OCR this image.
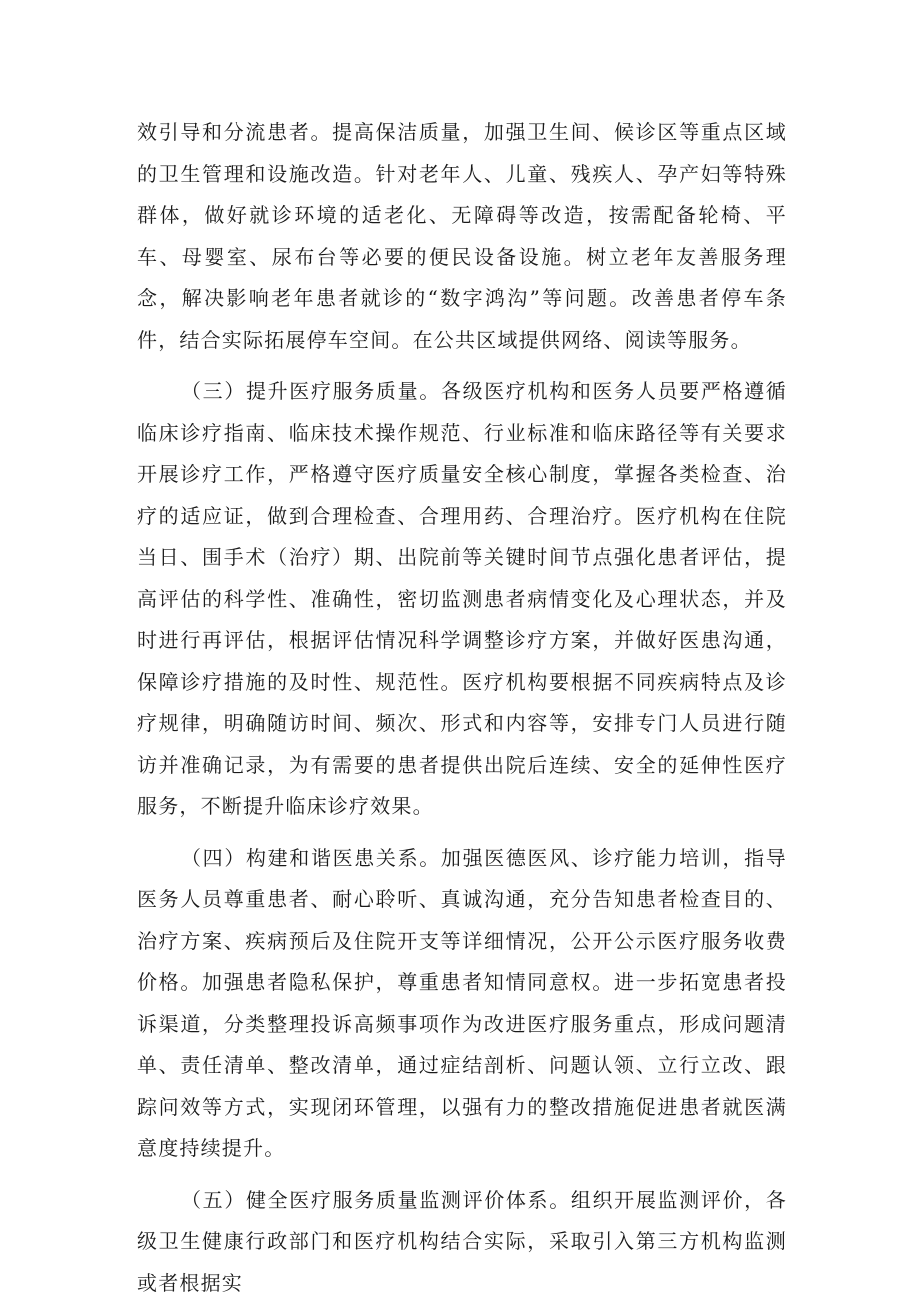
效引导和分流患者。提高保洁质量，加强卫生间、候诊区等重点区域的卫生管理和设施改造。针对老年人、儿童、残疾人、孕产妇等特殊群体，做好就诊环境的适老化、无障碍等改造，按需配备轮椅、平车、母婴室、尿布台等必要的便民设备设施。树立老年友善服务理念，解决影响老年患者就诊的“数字鸿沟”等问题。改善患者停车条件，结合实际拓展停车空间。在公共区域提供网络、阅读等服务。

（三）提升医疗服务质量。各级医疗机构和医务人员要严格遵循临床诊疗指南、临床技术操作规范、行业标准和临床路径等有关要求开展诊疗工作，严格遵守医疗质量安全核心制度，掌握各类检查、治疗的适应证，做到合理检查、合理用药、合理治疗。医疗机构在住院当日、围手术（治疗）期、出院前等关键时间节点强化患者评估，提高评估的科学性、准确性，密切监测患者病情变化及心理状态，并及时进行再评估，根据评估情况科学调整诊疗方案，并做好医患沟通，保障诊疗措施的及时性、规范性。医疗机构要根据不同疾病特点及诊疗规律，明确随访时间、频次、形式和内容等，安排专门人员进行随访并准确记录，为有需要的患者提供出院后连续、安全的延伸性医疗服务，不断提升临床诊疗效果。

（四）构建和谐医患关系。加强医德医风、诊疗能力培训，指导医务人员尊重患者、耐心聆听、真诚沟通，充分告知患者检查目的、治疗方案、疾病预后及住院开支等详细情况，公开公示医疗服务收费价格。加强患者隐私保护，尊重患者知情同意权。进一步拓宽患者投诉渠道，分类整理投诉高频事项作为改进医疗服务重点，形成问题清单、责任清单、整改清单，通过症结剖析、问题认领、立行立改、跟踪问效等方式，实现闭环管理，以强有力的整改措施促进患者就医满意度持续提升。

（五）健全医疗服务质量监测评价体系。组织开展监测评价，各级卫生健康行政部门和医疗机构结合实际，采取引入第三方机构监测或者根据实
